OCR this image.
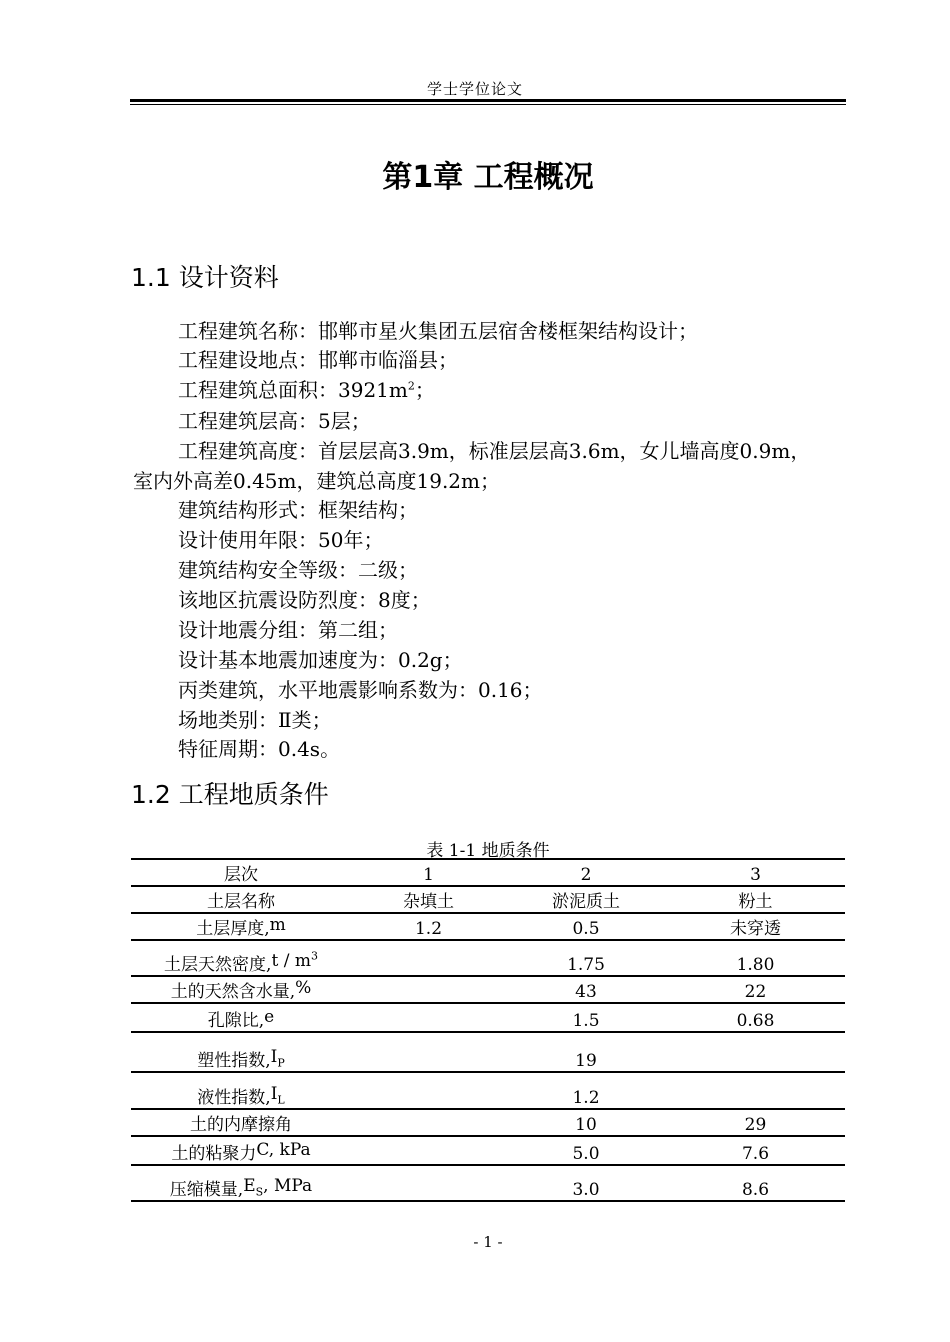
学士学位论文
第1章 工程概况
1.1 设计资料
工程建筑名称：邯郸市星火集团五层宿舍楼框架结构设计；
工程建设地点：邯郸市临淄县；
工程建筑总面积：$3921m^2$；
工程建筑层高：5层；
工程建筑高度：首层层高3.9m，标准层层高3.6m，女儿墙高度0.9m，
室内外高差0.45m，建筑总高度19.2m；
建筑结构形式：框架结构；
设计使用年限：50年；
建筑结构安全等级：二级；
该地区抗震设防烈度：8度；
设计地震分组：第二组；
设计基本地震加速度为：0.2g；
丙类建筑，水平地震影响系数为：0.16；
场地类别：Ⅱ类；
特征周期：0.4s。
1.2 工程地质条件
表 1-1 地质条件
层次	1	2	3
土层名称	杂填土	淤泥质土	粉土
土层厚度,m	1.2	0.5	未穿透
土层天然密度,t / $m^3$		1.75	1.80
土的天然含水量,%		43	22
孔隙比,e		1.5	0.68
塑性指数$,I_P$		19	
液性指数$,I_L$		1.2	
土的内摩擦角		10	29
土的粘聚力C, kPa		5.0	7.6
压缩模量$,E_S$, MPa		3.0	8.6
- 1 -
